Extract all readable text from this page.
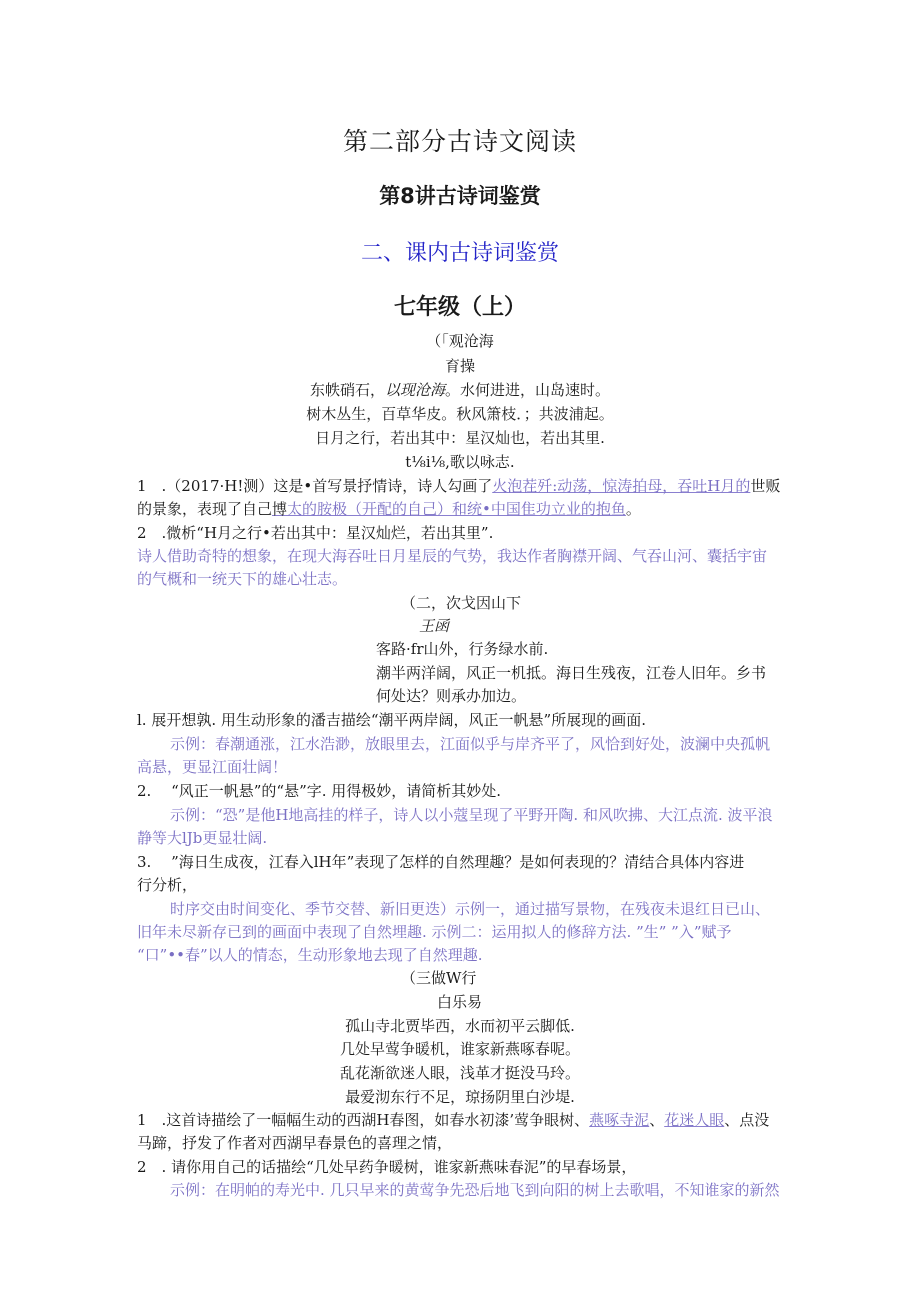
第二部分古诗文阅读
第8讲古诗词鉴赏
二、课内古诗词鉴赏
七年级（上）
（「观沧海
育操
东帙硝石，以现沧海。水何进进，山岛速时。
树木丛生，百草华皮。秋风箫枝．；共波浦起。
日月之行，若出其中：星汉灿也，若出其里.
t⅛i⅛,歌以咏志.
1　.（2017·H!测）这是•首写景抒情诗，诗人勾画了火泡茬歼:动荡，惊涛拍母，吞吐H月的世贩
的景象，表现了自己博太的胺极（开配的自己）和统•中国隹功立业的抱鱼。
2　.微析“H月之行•若出其中：星汉灿烂，若出其里”.
诗人借助奇特的想象，在现大海吞吐日月星辰的气势，我达作者胸襟开阔、气吞山河、囊括宇宙
的气概和一统天下的雄心壮志。
（二，次戈因山下
王函
客路·fr山外，行务绿水前.
潮半两洋阔，风正一机抵。海日生残夜，江卷人旧年。乡书
何处达？则承办加边。
l. 展开想孰. 用生动形象的潘吉描绘“潮平两岸阔，风正一帆悬”所展现的画面.
示例：春潮通涨，江水浩渺，放眼里去，江面似乎与岸齐平了，风恰到好处，波澜中央孤帆
高悬，更显江面壮阔！
2.　 “风正一帆悬”的“悬”字. 用得极妙，请简析其妙处.
示例：“恐”是他H地高挂的样子，诗人以小蔻呈现了平野开陶. 和风吹拂、大江点流. 波平浪
静等大lJb更显壮阔.
3.　 ”海日生成夜，江春入lH年”表现了怎样的自然理趣？是如何表现的？清结合具体内容进
行分析，
时序交由时间变化、季节交替、新旧更迭）示例一，通过描写景物，在残夜未退红日已山、
旧年未尽新存已到的画面中表现了自然埋趣. 示例二：运用拟人的修辞方法. ”生” ”入”赋予
“口”••春”以人的情态，生动形象地去现了自然理趣.
（三做W行
白乐易
孤山寺北贾毕西，水而初平云脚低.
几处早莺争暖机，谁家新燕啄春呢。
乱花渐欲迷人眼，浅革才挺没马玲。
最爱沏东行不足，琼扬阴里白沙堤.
1　.这首诗描绘了一幅幅生动的西湖H春图，如春水初漆’莺争眼树、燕啄寺泥、花迷人眼、点没
马蹄，抒发了作者对西湖早春景色的喜理之情，
2　. 请你用自己的话描绘“几处早药争暖树，谁家新燕味春泥”的早春场景，
示例：在明帕的寿光中. 几只早来的黄莺争先恐后地飞到向阳的树上去歌唱，不知谁家的新然
